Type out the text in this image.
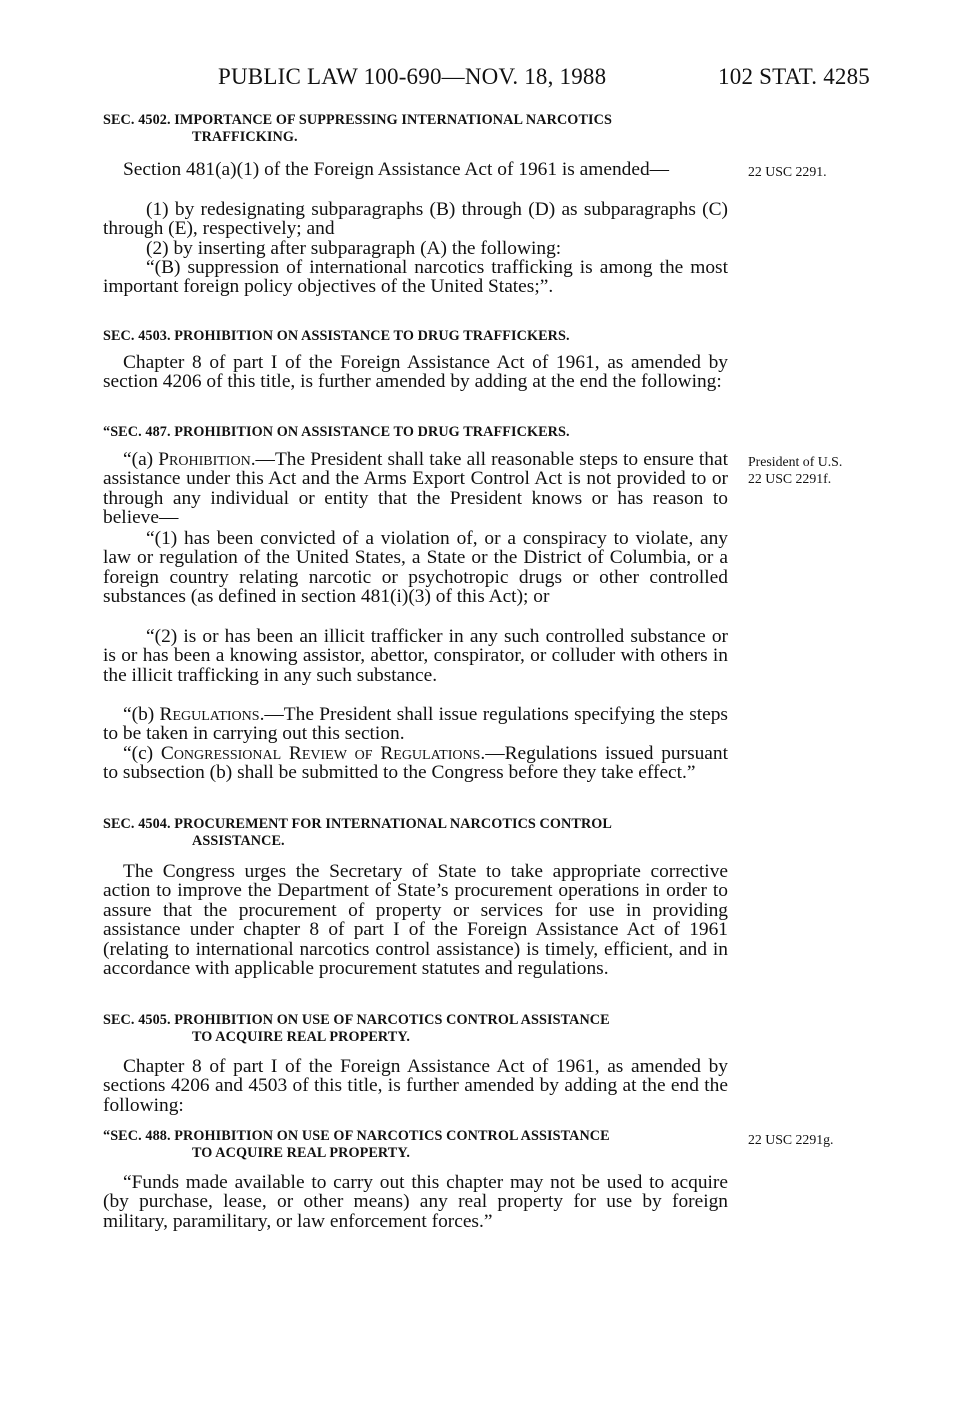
PUBLIC LAW 100-690—NOV. 18, 1988	102 STAT. 4285
SEC. 4502. IMPORTANCE OF SUPPRESSING INTERNATIONAL NARCOTICS
TRAFFICKING.

Section 481(a)(1) of the Foreign Assistance Act of 1961 is amended—	22 USC 2291.

(1) by redesignating subparagraphs (B) through (D) as subparagraphs (C) through (E), respectively; and

(2) by inserting after subparagraph (A) the following:

“(B) suppression of international narcotics trafficking is among the most important foreign policy objectives of the United States;”.

SEC. 4503. PROHIBITION ON ASSISTANCE TO DRUG TRAFFICKERS.

Chapter 8 of part I of the Foreign Assistance Act of 1961, as amended by section 4206 of this title, is further amended by adding at the end the following:

“SEC. 487. PROHIBITION ON ASSISTANCE TO DRUG TRAFFICKERS.

“(a) Prohibition.—The President shall take all reasonable steps to ensure that assistance under this Act and the Arms Export Control Act is not provided to or through any individual or entity that the President knows or has reason to believe—

President of U.S.
22 USC 2291f.

“(1) has been convicted of a violation of, or a conspiracy to violate, any law or regulation of the United States, a State or the District of Columbia, or a foreign country relating narcotic or psychotropic drugs or other controlled substances (as defined in section 481(i)(3) of this Act); or

“(2) is or has been an illicit trafficker in any such controlled substance or is or has been a knowing assistor, abettor, conspirator, or colluder with others in the illicit trafficking in any such substance.

“(b) Regulations.—The President shall issue regulations specifying the steps to be taken in carrying out this section.

“(c) Congressional Review of Regulations.—Regulations issued pursuant to subsection (b) shall be submitted to the Congress before they take effect.”

SEC. 4504. PROCUREMENT FOR INTERNATIONAL NARCOTICS CONTROL
ASSISTANCE.

The Congress urges the Secretary of State to take appropriate corrective action to improve the Department of State’s procurement operations in order to assure that the procurement of property or services for use in providing assistance under chapter 8 of part I of the Foreign Assistance Act of 1961 (relating to international narcotics control assistance) is timely, efficient, and in accordance with applicable procurement statutes and regulations.

SEC. 4505. PROHIBITION ON USE OF NARCOTICS CONTROL ASSISTANCE
TO ACQUIRE REAL PROPERTY.

Chapter 8 of part I of the Foreign Assistance Act of 1961, as amended by sections 4206 and 4503 of this title, is further amended by adding at the end the following:

“SEC. 488. PROHIBITION ON USE OF NARCOTICS CONTROL ASSISTANCE
TO ACQUIRE REAL PROPERTY.
22 USC 2291g.

“Funds made available to carry out this chapter may not be used to acquire (by purchase, lease, or other means) any real property for use by foreign military, paramilitary, or law enforcement forces.”
